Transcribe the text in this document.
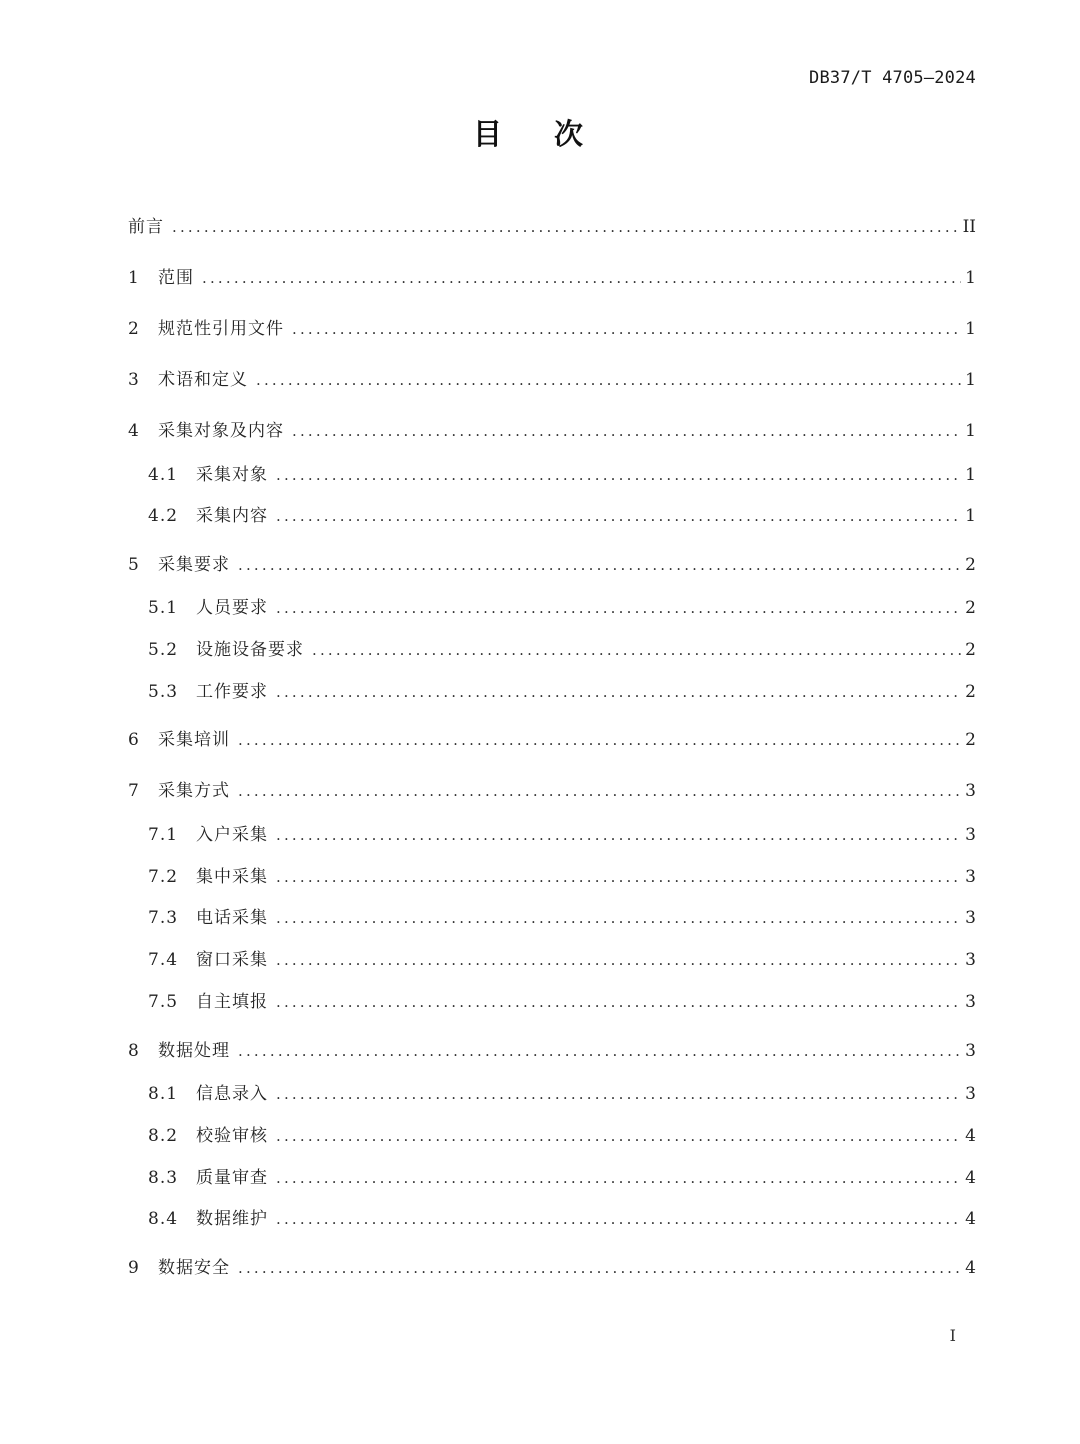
DB37/T 4705—2024
目次
前言 .....	II
1	范围 .....	1
2	规范性引用文件 .....	1
3	术语和定义 .....	1
4	采集对象及内容 .....	1
4.1	采集对象 .....	1
4.2	采集内容 .....	1
5	采集要求 .....	2
5.1	人员要求 .....	2
5.2	设施设备要求 .....	2
5.3	工作要求 .....	2
6	采集培训 .....	2
7	采集方式 .....	3
7.1	入户采集 .....	3
7.2	集中采集 .....	3
7.3	电话采集 .....	3
7.4	窗口采集 .....	3
7.5	自主填报 .....	3
8	数据处理 .....	3
8.1	信息录入 .....	3
8.2	校验审核 .....	4
8.3	质量审查 .....	4
8.4	数据维护 .....	4
9	数据安全 .....	4
I
